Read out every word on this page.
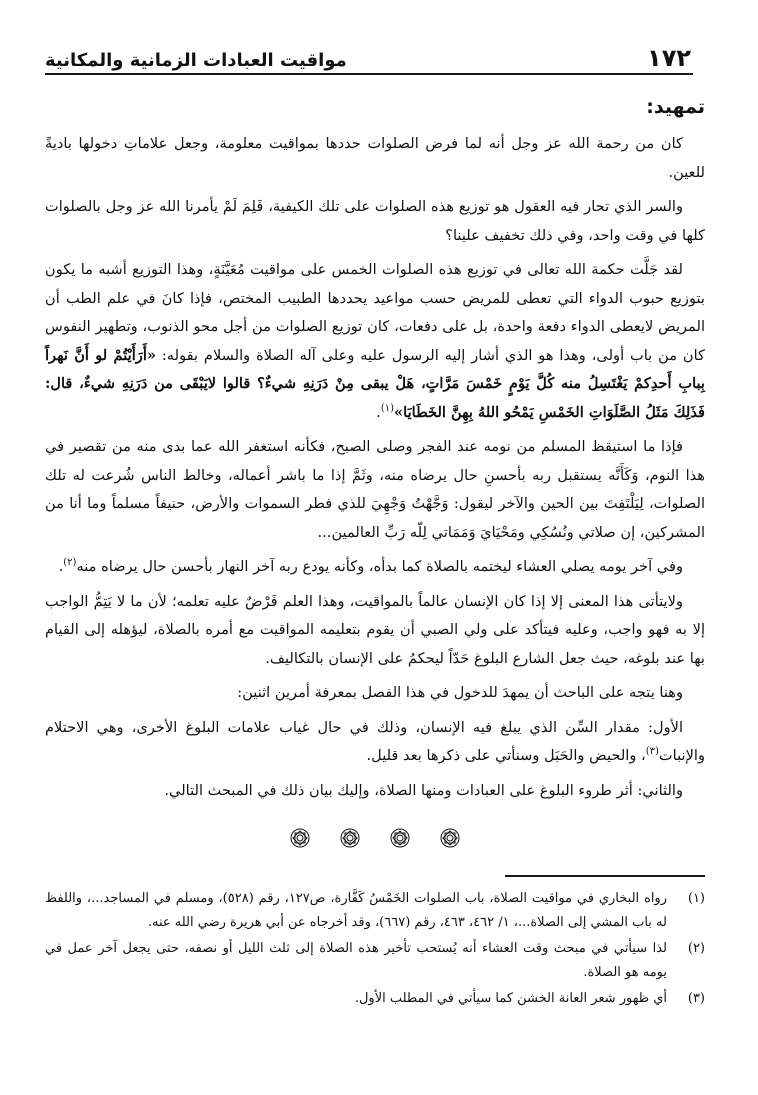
١٧٢
مواقيت العبادات الزمانية والمكانية
تمهيد:

كان من رحمة الله عز وجل أنه لما فرض الصلوات حددها بمواقيت معلومة، وجعل علاماتِ دخولها باديةً للعين.

والسر الذي تحار فيه العقول هو توزيع هذه الصلوات على تلك الكيفية، فَلِمَ لَمْ يأمرنا الله عز وجل بالصلوات كلها في وقت واحد، وفي ذلك تخفيف علينا؟

لقد جَلَّت حكمة الله تعالى في توزيع هذه الصلوات الخمس على مواقيت مُعَيَّنَةٍ، وهذا التوزيع أشبه ما يكون بتوزيع حبوب الدواء التي تعطى للمريض حسب مواعيد يحددها الطبيب المختص، فإذا كانَ في علم الطب أن المريض لايعطى الدواء دفعة واحدة، بل على دفعات، كان توزيع الصلوات من أجل محو الذنوب، وتطهير النفوس كان من باب أولى، وهذا هو الذي أشار إليه الرسول عليه وعلى آله الصلاة والسلام بقوله: «أَرَأَيْتُمْ لو أَنَّ نَهراً بِبابِ أَحدِكمْ يَغْتَسِلُ منه كُلَّ يَوْمٍ خَمْسَ مَرَّاتٍ، هَلْ يبقى مِنْ دَرَنِهِ شيءٌ؟ قالوا لايَبْقَى من دَرَنِهِ شيءٌ، قال: فَذَلِكَ مَثَلُ الصَّلَوَاتِ الخَمْسِ يَمْحُو اللهُ بِهِنَّ الخَطَايَا»$^{(١)}$.

فإذا ما استيقظ المسلم من نومه عند الفجر وصلى الصبح، فكأنه استغفر الله عما بدى منه من تقصير في هذا النوم، وَكَأَنَّه يستقبل ربه بأحسنِ حال يرضاه منه، وثَمَّ إذا ما باشر أعماله، وخالط الناس شُرعت له تلك الصلوات، لِيَلْتَفِتَ بين الحين والآخر ليقول: وَجَّهْتُ وَجْهِيَ للذي فطر السموات والأرض، حنيفاً مسلماً وما أنا من المشركين، إن صلاتي ونُسُكِي ومَحْيَايَ وَمَمَاتي لِلّه رَبِّ العالمين...

وفي آخر يومه يصلي العشاء ليختمه بالصلاة كما بدأه، وكأنه يودع ربه آخر النهار بأحسن حال يرضاه منه$^{(٢)}$.

ولايتأتى هذا المعنى إلا إذا كان الإنسان عالماً بالمواقيت، وهذا العلم فَرْضٌ عليه تعلمه؛ لأن ما لا يَتِمُّ الواجب إلا به فهو واجب، وعليه فيتأكد على ولي الصبي أن يقوم بتعليمه المواقيت مع أمره بالصلاة، ليؤهله إلى القيام بها عند بلوغه، حيث جعل الشارع البلوغ حَدّاً ليحكمُ على الإنسان بالتكاليف.

وهنا يتجه على الباحث أن يمهدَ للدخول في هذا الفصل بمعرفة أمرين اثنين:

الأول: مقدار السِّن الذي يبلغ فيه الإنسان، وذلك في حال غياب علامات البلوغ الأخرى، وهي الاحتلام والإنبات$^{(٣)}$، والحيض والحَبَل وسنأتي على ذكرها بعد قليل.

والثاني: أثر طروء البلوغ على العبادات ومنها الصلاة، وإليك بيان ذلك في المبحث التالي.

(١)
رواه البخاري في مواقيت الصلاة، باب الصلوات الخَمْسُ كَفَّارة، ص١٢٧، رقم (٥٢٨)، ومسلم في المساجد...، واللفظ له باب المشي إلى الصلاة...، ١/ ٤٦٢، ٤٦٣، رقم (٦٦٧)، وقد أخرجاه عن أبي هريرة رضي الله عنه.
(٢)
لذا سيأتي في مبحث وقت العشاء أنه يُستحب تأخير هذه الصلاة إلى ثلث الليل أو نصفه، حتى يجعل آخر عمل في يومه هو الصلاة.
(٣)
أي ظهور شعر العانة الخشن كما سيأتي في المطلب الأول.
